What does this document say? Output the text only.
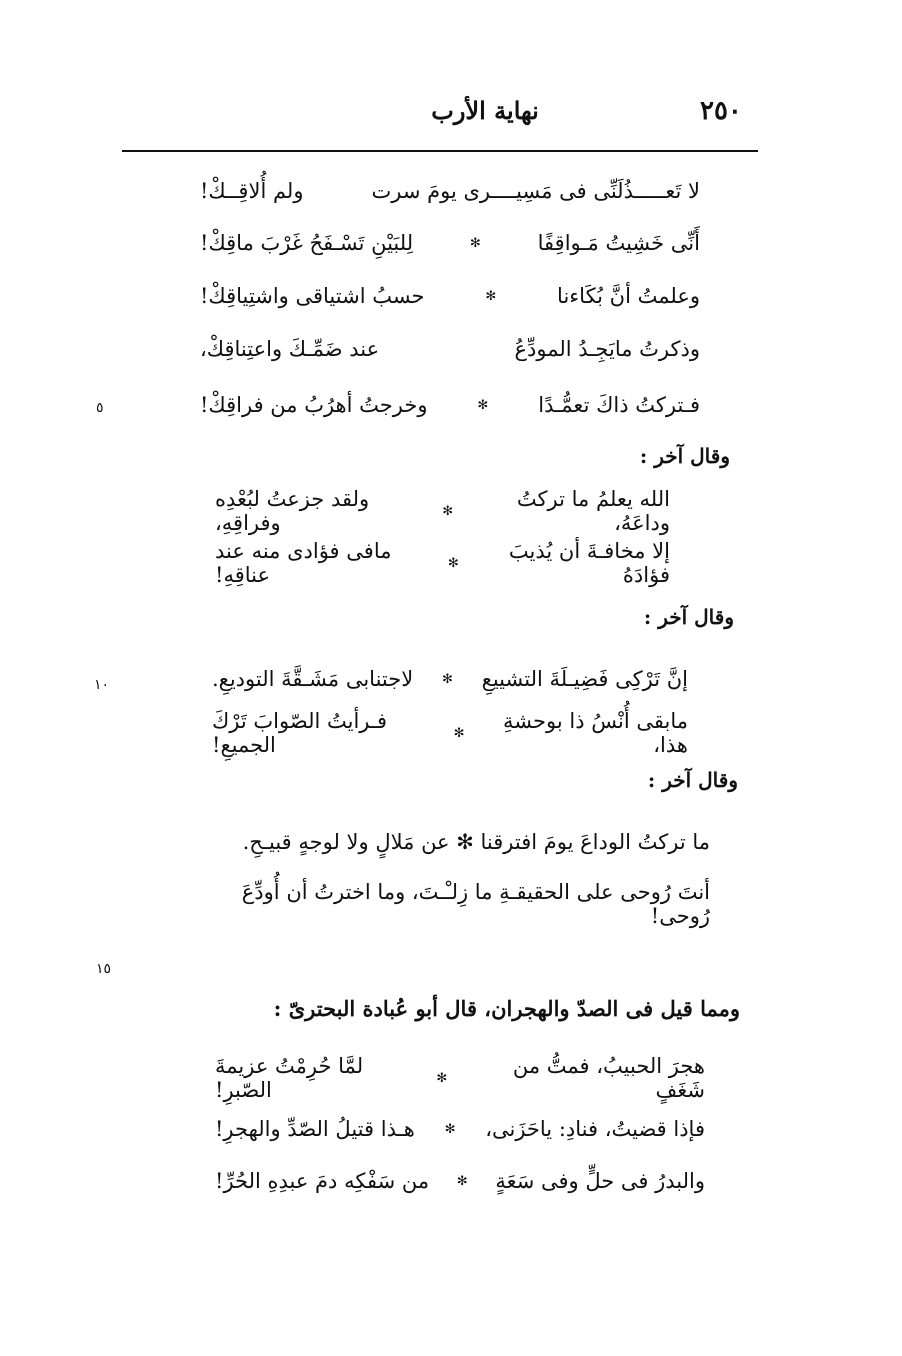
٢٥٠
نهاية الأرب
٥
١٠
١٥
لا تَعـــــذُلَنِّى فى مَسِيــــرى يومَ سرت
ولم أُلاقِــكْ!
أَنِّى خَشِيتُ مَـواقِفًا
✻
لِلبَيْنِ تَسْـفَحُ غَرْبَ ماقِكْ!
وعلمتُ أنَّ بُكَاءنا
✻
حسبُ اشتياقى واشتِياقِكْ!
وذكرتُ مايَجِـدُ المودِّعُ
عند ضَمِّـكَ واعتِناقِكْ،
فـتركتُ ذاكَ تعمُّـدًا
✻
وخرجتُ أهرُبُ من فراقِكْ!
وقال آخر :
الله يعلمُ ما تركتُ وداعَهُ،
✻
ولقد جزعتُ لبُعْدِه وفراقِهِ،
إلا مخافـةَ أن يُذيبَ فؤادَهُ
✻
مافى فؤادى منه عند عناقِهِ!
وقال آخر :
إنَّ تَرْكِى فَضِيـلَةَ التشييعِ
✻
لاجتنابى مَشَـقَّةَ التوديعِ.
مابقى أُنْسُ ذا بوحشةِ هذا،
✻
فـرأيتُ الصّوابَ تَرْكَ الجميعِ!
وقال آخر :
ما تركتُ الوداعَ يومَ افترقنا ✻ عن مَلالٍ ولا لوجهٍ قبيـحِ.
أنتَ رُوحى على الحقيقـةِ ما زِلـْـتَ، وما اخترتُ أن أُودِّعَ رُوحى!
ومما قيل فى الصدّ والهجران، قال أبو عُبادة البحترىّ :
هجرَ الحبيبُ، فمتُّ من شَغَفٍ
✻
لمَّا حُرِمْتُ عزيمةَ الصّبرِ!
فإذا قضيتُ، فنادِ: ياحَزَنى،
✻
هـذا قتيلُ الصّدِّ والهجرِ!
والبدرُ فى حلٍّ وفى سَعَةٍ
✻
من سَفْكِه دمَ عبدِهِ الحُرِّ!
